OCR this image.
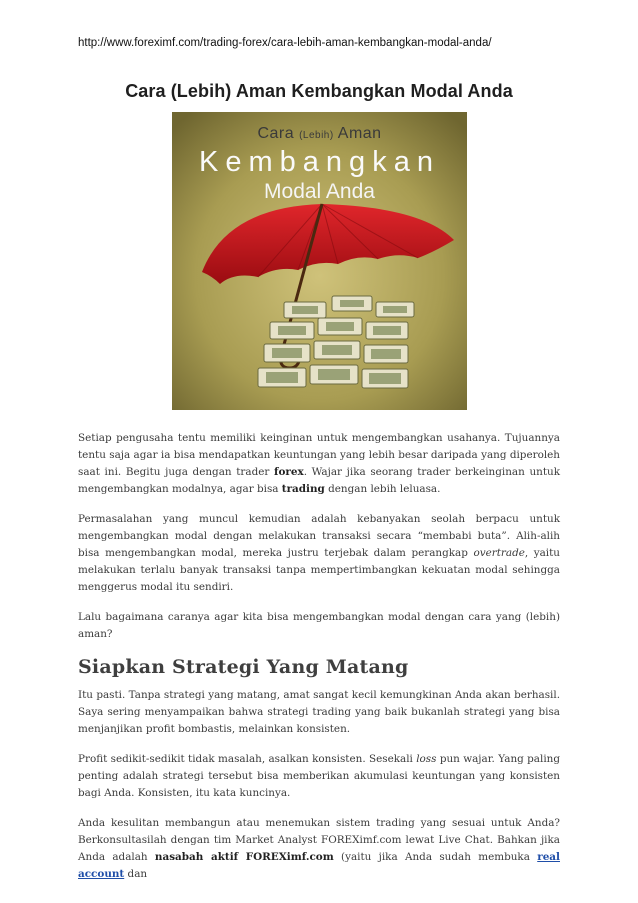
http://www.foreximf.com/trading-forex/cara-lebih-aman-kembangkan-modal-anda/
Cara (Lebih) Aman Kembangkan Modal Anda
Cara (Lebih) Aman
Kembangkan
Modal Anda

Setiap pengusaha tentu memiliki keinginan untuk mengembangkan usahanya. Tujuannya tentu saja agar ia bisa mendapatkan keuntungan yang lebih besar daripada yang diperoleh saat ini. Begitu juga dengan trader forex. Wajar jika seorang trader berkeinginan untuk mengembangkan modalnya, agar bisa trading dengan lebih leluasa.

Permasalahan yang muncul kemudian adalah kebanyakan seolah berpacu untuk mengembangkan modal dengan melakukan transaksi secara “membabi buta”. Alih-alih bisa mengembangkan modal, mereka justru terjebak dalam perangkap overtrade, yaitu melakukan terlalu banyak transaksi tanpa mempertimbangkan kekuatan modal sehingga menggerus modal itu sendiri.

Lalu bagaimana caranya agar kita bisa mengembangkan modal dengan cara yang (lebih) aman?

Siapkan Strategi Yang Matang

Itu pasti. Tanpa strategi yang matang, amat sangat kecil kemungkinan Anda akan berhasil. Saya sering menyampaikan bahwa strategi trading yang baik bukanlah strategi yang bisa menjanjikan profit bombastis, melainkan konsisten.

Profit sedikit-sedikit tidak masalah, asalkan konsisten. Sesekali loss pun wajar. Yang paling penting adalah strategi tersebut bisa memberikan akumulasi keuntungan yang konsisten bagi Anda. Konsisten, itu kata kuncinya.

Anda kesulitan membangun atau menemukan sistem trading yang sesuai untuk Anda? Berkonsultasilah dengan tim Market Analyst FOREXimf.com lewat Live Chat. Bahkan jika Anda adalah nasabah aktif FOREXimf.com (yaitu jika Anda sudah membuka real account dan
